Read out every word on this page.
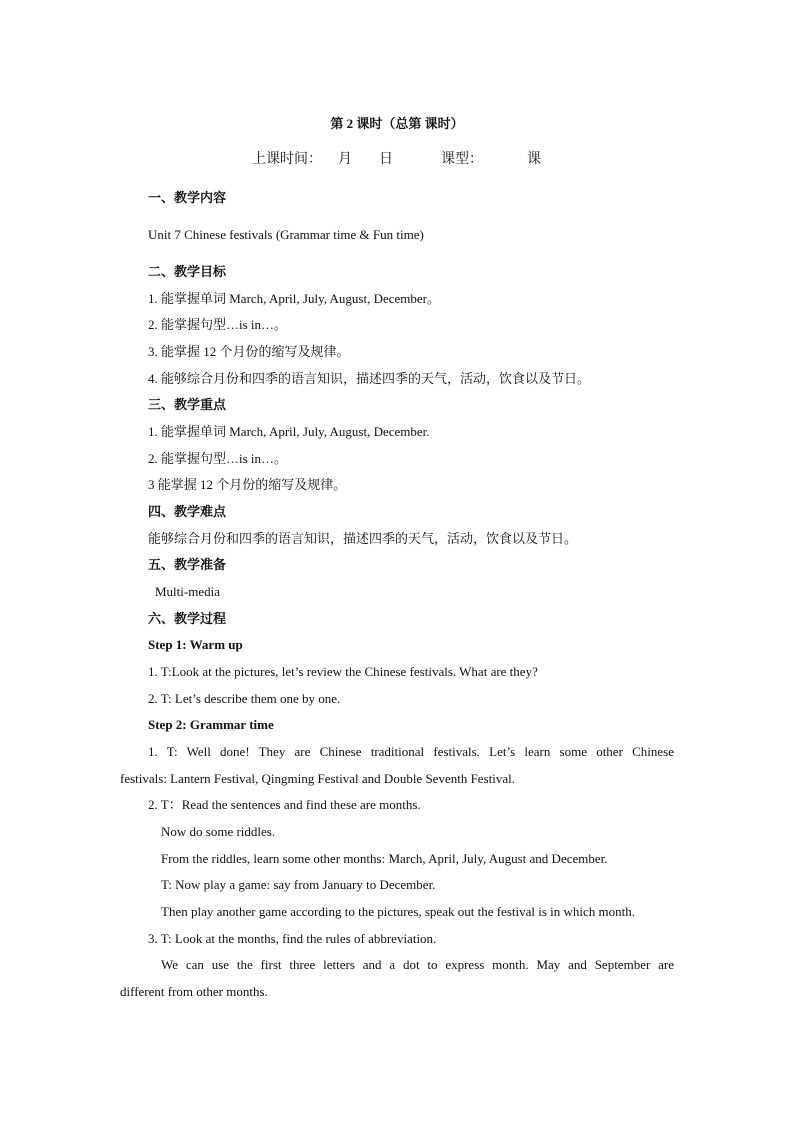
第 2 课时（总第 课时）
上课时间： 月 日	课型：	课
一、教学内容
Unit 7 Chinese festivals (Grammar time & Fun time)
二、教学目标
1. 能掌握单词 March, April, July, August, December。
2. 能掌握句型…is in…。
3. 能掌握 12 个月份的缩写及规律。
4. 能够综合月份和四季的语言知识，描述四季的天气，活动，饮食以及节日。
三、教学重点
1. 能掌握单词 March, April, July, August, December.
2. 能掌握句型…is in…。
3 能掌握 12 个月份的缩写及规律。
四、教学难点
能够综合月份和四季的语言知识，描述四季的天气，活动，饮食以及节日。
五、教学准备
Multi-media
六、教学过程
Step 1: Warm up
1. T:Look at the pictures, let’s review the Chinese festivals. What are they?
2. T: Let’s describe them one by one.
Step 2: Grammar time
1. T: Well done! They are Chinese traditional festivals. Let’s learn some other Chinese
festivals: Lantern Festival, Qingming Festival and Double Seventh Festival.
2. T：Read the sentences and find these are months.
Now do some riddles.
From the riddles, learn some other months: March, April, July, August and December.
T: Now play a game: say from January to December.
Then play another game according to the pictures, speak out the festival is in which month.
3. T: Look at the months, find the rules of abbreviation.
We can use the first three letters and a dot to express month. May and September are
different from other months.
